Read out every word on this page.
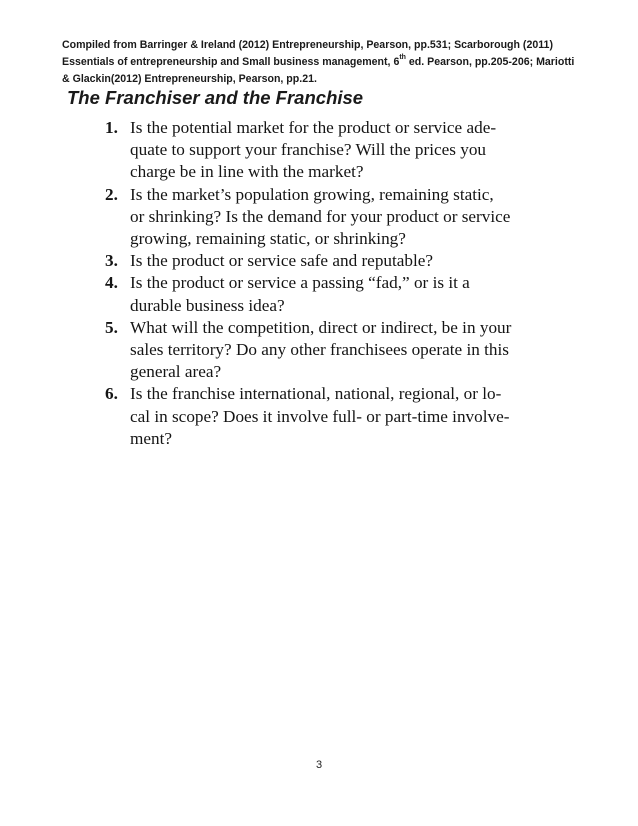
Compiled from Barringer & Ireland (2012) Entrepreneurship, Pearson, pp.531; Scarborough (2011)
Essentials of entrepreneurship and Small business management, 6th ed. Pearson, pp.205-206; Mariotti
& Glackin(2012) Entrepreneurship, Pearson, pp.21.
The Franchiser and the Franchise
1. Is the potential market for the product or service ade-
quate to support your franchise? Will the prices you
charge be in line with the market?
2. Is the market’s population growing, remaining static,
or shrinking? Is the demand for your product or service
growing, remaining static, or shrinking?
3. Is the product or service safe and reputable?
4. Is the product or service a passing “fad,” or is it a
durable business idea?
5. What will the competition, direct or indirect, be in your
sales territory? Do any other franchisees operate in this
general area?
6. Is the franchise international, national, regional, or lo-
cal in scope? Does it involve full- or part-time involve-
ment?
3
